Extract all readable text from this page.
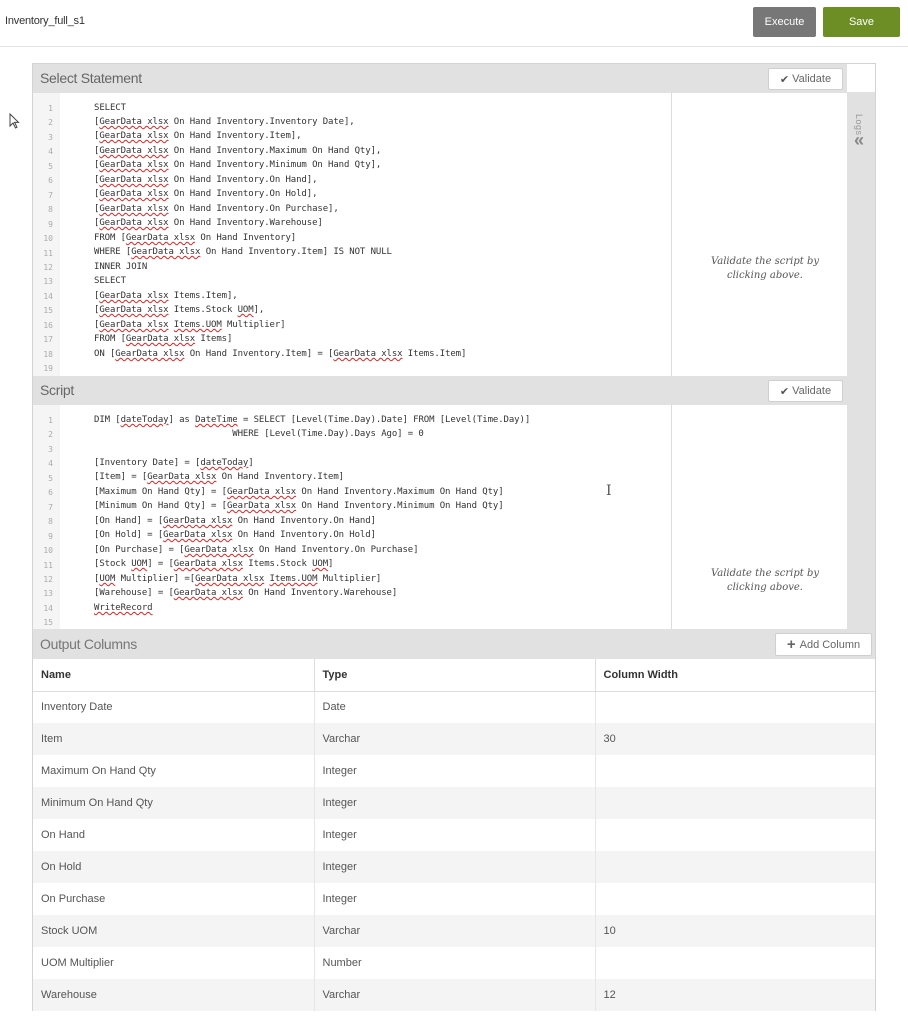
Inventory_full_s1	Execute	Save
Select Statement	✔ Validate
Logs
«
1
2
3
4
5
6
7
8
9
10
11
12
13
14
15
16
17
18
19
SELECT
[GearData xlsx On Hand Inventory.Inventory Date],
[GearData xlsx On Hand Inventory.Item],
[GearData xlsx On Hand Inventory.Maximum On Hand Qty],
[GearData xlsx On Hand Inventory.Minimum On Hand Qty],
[GearData xlsx On Hand Inventory.On Hand],
[GearData xlsx On Hand Inventory.On Hold],
[GearData xlsx On Hand Inventory.On Purchase],
[GearData xlsx On Hand Inventory.Warehouse]
FROM [GearData xlsx On Hand Inventory]
WHERE [GearData xlsx On Hand Inventory.Item] IS NOT NULL
INNER JOIN
SELECT
[GearData xlsx Items.Item],
[GearData xlsx Items.Stock UOM],
[GearData xlsx Items.UOM Multiplier]
FROM [GearData xlsx Items]
ON [GearData xlsx On Hand Inventory.Item] = [GearData xlsx Items.Item]
Validate the script by clicking above.
Script	✔ Validate
1
2
3
4
5
6
7
8
9
10
11
12
13
14
15
DIM [dateToday] as DateTime = SELECT [Level(Time.Day).Date] FROM [Level(Time.Day)]
WHERE [Level(Time.Day).Days Ago] = 0
[Inventory Date] = [dateToday]
[Item] = [GearData xlsx On Hand Inventory.Item]
[Maximum On Hand Qty] = [GearData xlsx On Hand Inventory.Maximum On Hand Qty]
[Minimum On Hand Qty] = [GearData xlsx On Hand Inventory.Minimum On Hand Qty]
[On Hand] = [GearData xlsx On Hand Inventory.On Hand]
[On Hold] = [GearData xlsx On Hand Inventory.On Hold]
[On Purchase] = [GearData xlsx On Hand Inventory.On Purchase]
[Stock UOM] = [GearData xlsx Items.Stock UOM]
[UOM Multiplier] =[GearData xlsx Items.UOM Multiplier]
[Warehouse] = [GearData xlsx On Hand Inventory.Warehouse]
WriteRecord
Validate the script by clicking above.
I
Output Columns	+ Add Column
Name	Type	Column Width
Inventory Date	Date	
Item	Varchar	30
Maximum On Hand Qty	Integer	
Minimum On Hand Qty	Integer	
On Hand	Integer	
On Hold	Integer	
On Purchase	Integer	
Stock UOM	Varchar	10
UOM Multiplier	Number	
Warehouse	Varchar	12
